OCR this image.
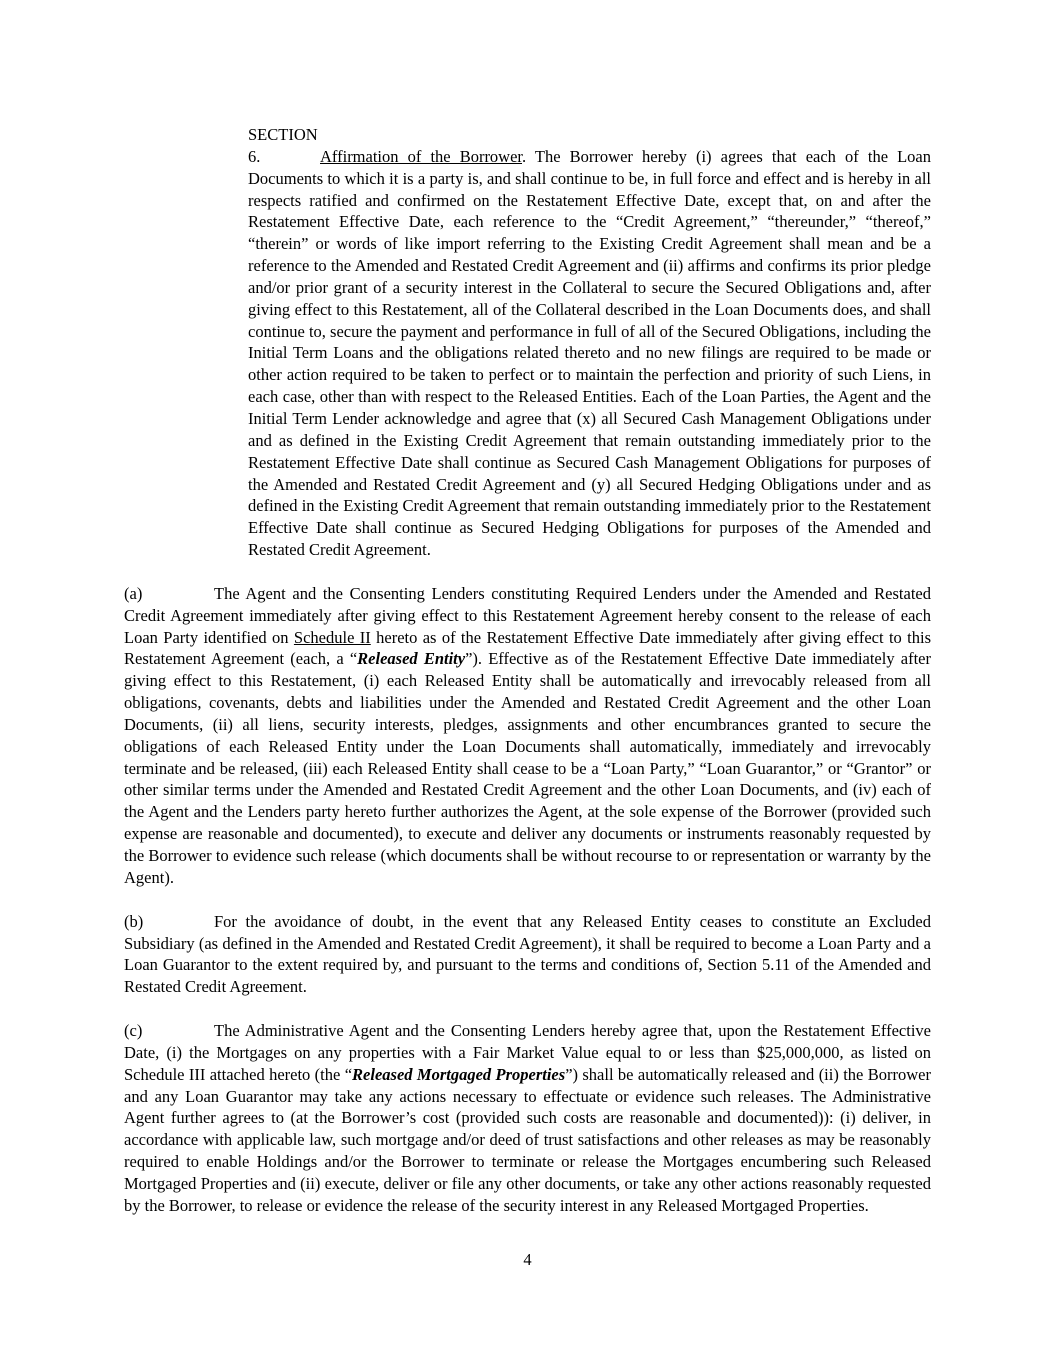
SECTION 6.	Affirmation of the Borrower. The Borrower hereby (i) agrees that each of the Loan Documents to which it is a party is, and shall continue to be, in full force and effect and is hereby in all respects ratified and confirmed on the Restatement Effective Date, except that, on and after the Restatement Effective Date, each reference to the “Credit Agreement,” “thereunder,” “thereof,” “therein” or words of like import referring to the Existing Credit Agreement shall mean and be a reference to the Amended and Restated Credit Agreement and (ii) affirms and confirms its prior pledge and/or prior grant of a security interest in the Collateral to secure the Secured Obligations and, after giving effect to this Restatement, all of the Collateral described in the Loan Documents does, and shall continue to, secure the payment and performance in full of all of the Secured Obligations, including the Initial Term Loans and the obligations related thereto and no new filings are required to be made or other action required to be taken to perfect or to maintain the perfection and priority of such Liens, in each case, other than with respect to the Released Entities. Each of the Loan Parties, the Agent and the Initial Term Lender acknowledge and agree that (x) all Secured Cash Management Obligations under and as defined in the Existing Credit Agreement that remain outstanding immediately prior to the Restatement Effective Date shall continue as Secured Cash Management Obligations for purposes of the Amended and Restated Credit Agreement and (y) all Secured Hedging Obligations under and as defined in the Existing Credit Agreement that remain outstanding immediately prior to the Restatement Effective Date shall continue as Secured Hedging Obligations for purposes of the Amended and Restated Credit Agreement.

(a)	The Agent and the Consenting Lenders constituting Required Lenders under the Amended and Restated Credit Agreement immediately after giving effect to this Restatement Agreement hereby consent to the release of each Loan Party identified on Schedule II hereto as of the Restatement Effective Date immediately after giving effect to this Restatement Agreement (each, a “Released Entity”). Effective as of the Restatement Effective Date immediately after giving effect to this Restatement, (i) each Released Entity shall be automatically and irrevocably released from all obligations, covenants, debts and liabilities under the Amended and Restated Credit Agreement and the other Loan Documents, (ii) all liens, security interests, pledges, assignments and other encumbrances granted to secure the obligations of each Released Entity under the Loan Documents shall automatically, immediately and irrevocably terminate and be released, (iii) each Released Entity shall cease to be a “Loan Party,” “Loan Guarantor,” or “Grantor” or other similar terms under the Amended and Restated Credit Agreement and the other Loan Documents, and (iv) each of the Agent and the Lenders party hereto further authorizes the Agent, at the sole expense of the Borrower (provided such expense are reasonable and documented), to execute and deliver any documents or instruments reasonably requested by the Borrower to evidence such release (which documents shall be without recourse to or representation or warranty by the Agent).

(b)	For the avoidance of doubt, in the event that any Released Entity ceases to constitute an Excluded Subsidiary (as defined in the Amended and Restated Credit Agreement), it shall be required to become a Loan Party and a Loan Guarantor to the extent required by, and pursuant to the terms and conditions of, Section 5.11 of the Amended and Restated Credit Agreement.

(c)	The Administrative Agent and the Consenting Lenders hereby agree that, upon the Restatement Effective Date, (i) the Mortgages on any properties with a Fair Market Value equal to or less than $25,000,000, as listed on Schedule III attached hereto (the “Released Mortgaged Properties”) shall be automatically released and (ii) the Borrower and any Loan Guarantor may take any actions necessary to effectuate or evidence such releases. The Administrative Agent further agrees to (at the Borrower’s cost (provided such costs are reasonable and documented)): (i) deliver, in accordance with applicable law, such mortgage and/or deed of trust satisfactions and other releases as may be reasonably required to enable Holdings and/or the Borrower to terminate or release the Mortgages encumbering such Released Mortgaged Properties and (ii) execute, deliver or file any other documents, or take any other actions reasonably requested by the Borrower, to release or evidence the release of the security interest in any Released Mortgaged Properties.

4
